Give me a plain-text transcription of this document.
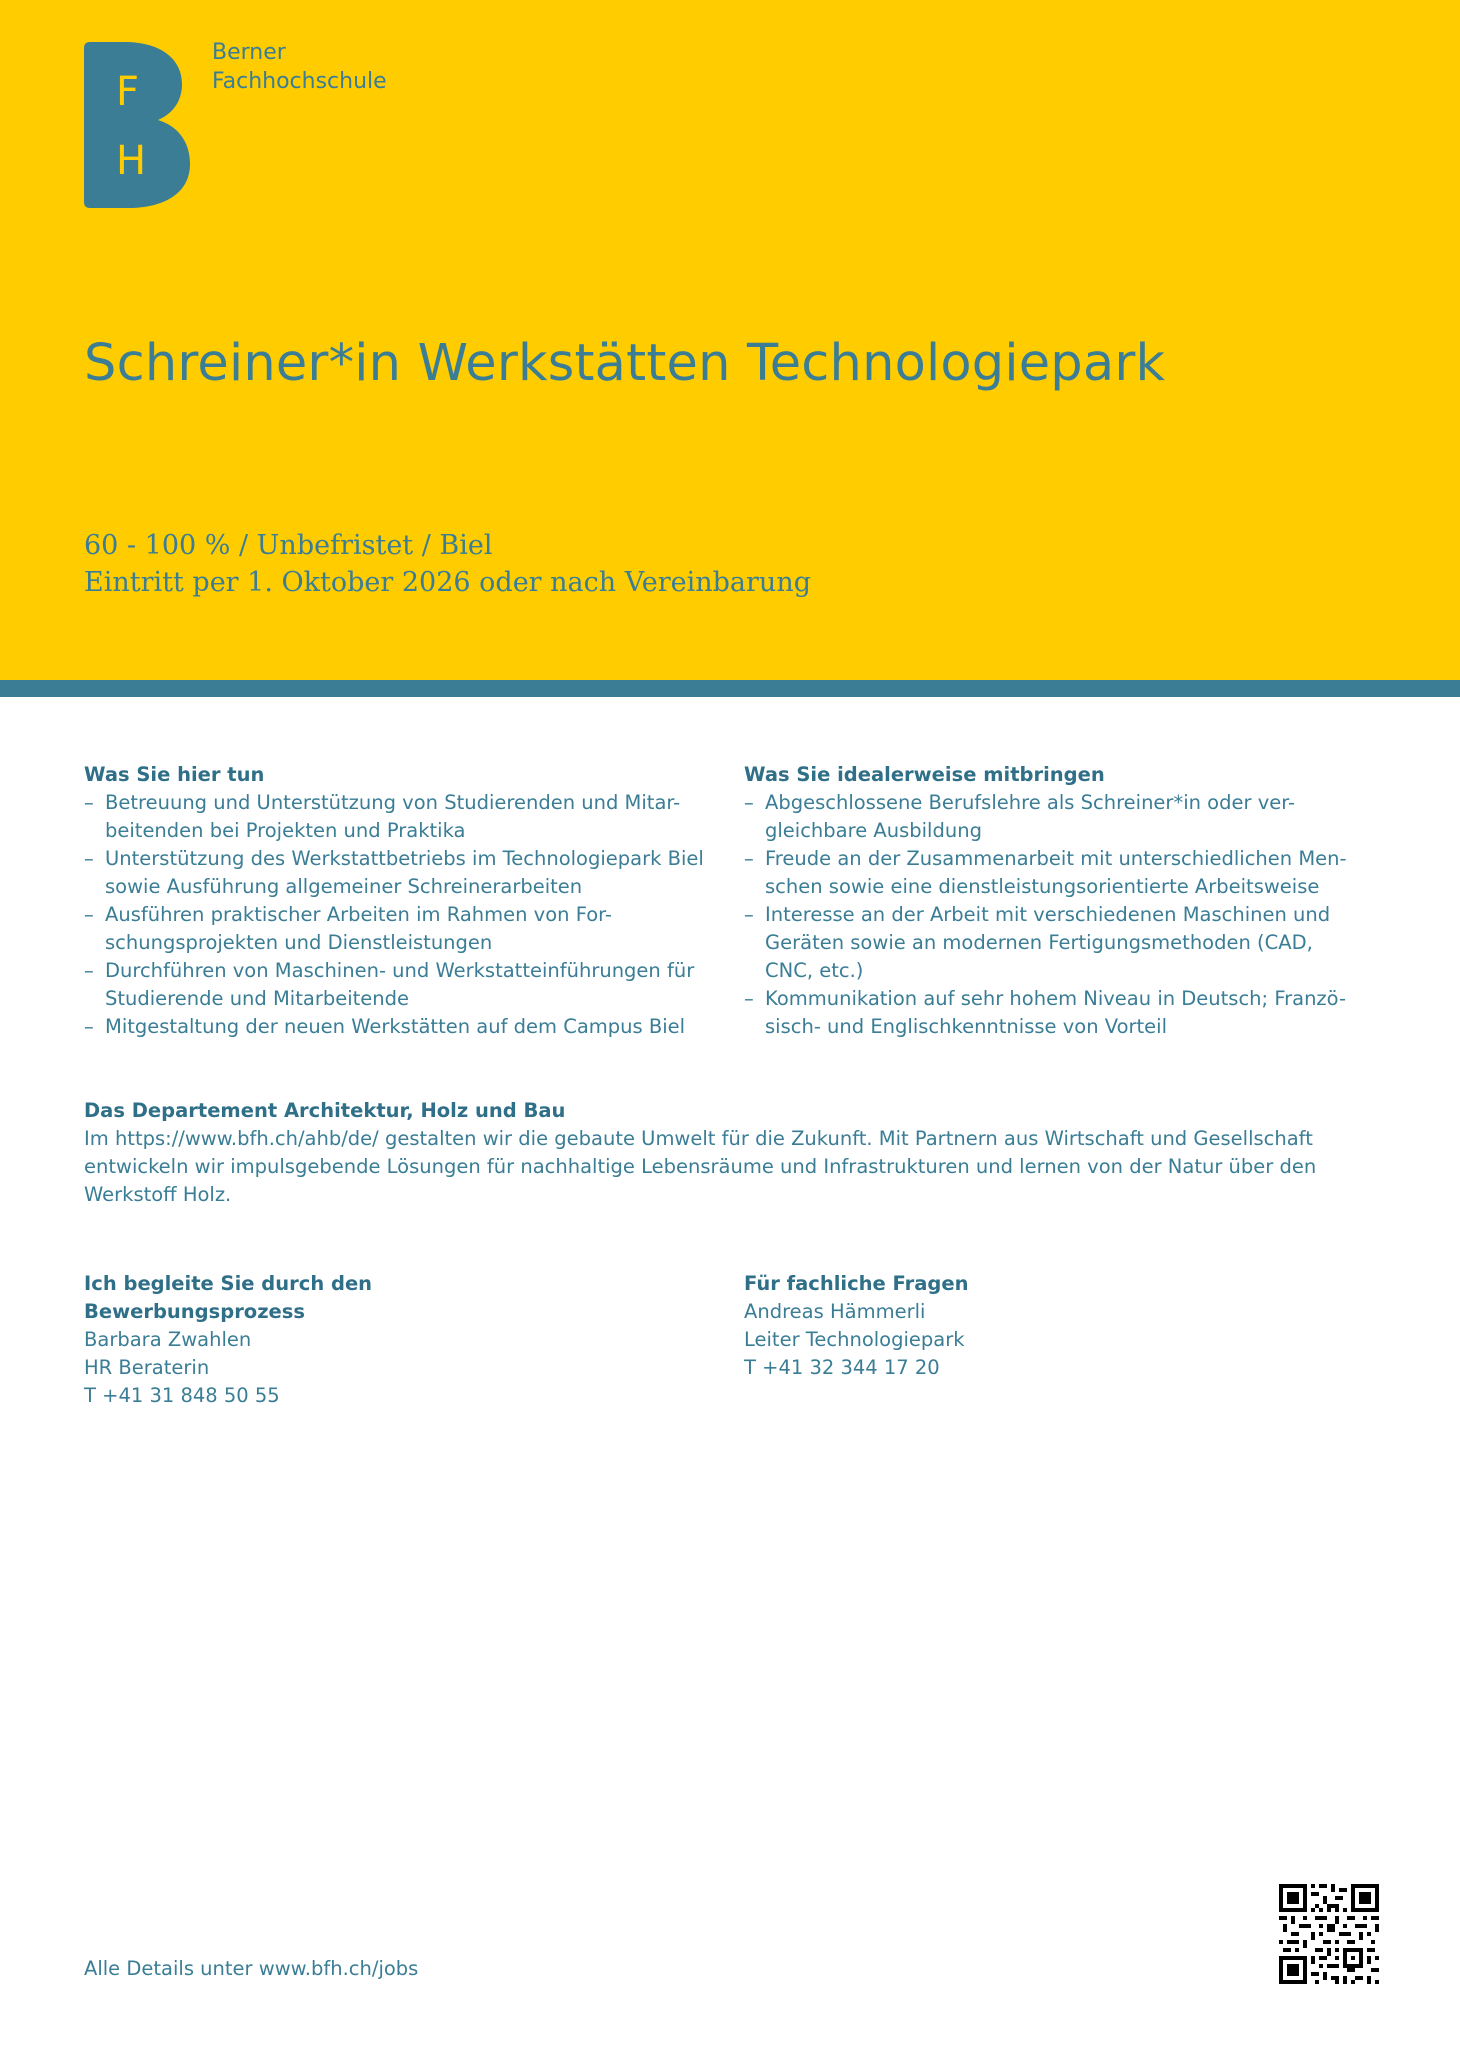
F
H

Berner
Fachhochschule

Schreiner*in Werkstätten Technologiepark

60 - 100 % / Unbefristet / Biel
Eintritt per 1. Oktober 2026 oder nach Vereinbarung

Was Sie hier tun
– Betreuung und Unterstützung von Studierenden und Mitar-beitenden bei Projekten und Praktika
– Unterstützung des Werkstattbetriebs im Technologiepark Biel sowie Ausführung allgemeiner Schreinerarbeiten
– Ausführen praktischer Arbeiten im Rahmen von For-schungsprojekten und Dienstleistungen
– Durchführen von Maschinen- und Werkstatteinführungen für Studierende und Mitarbeitende
– Mitgestaltung der neuen Werkstätten auf dem Campus Biel
Was Sie idealerweise mitbringen
– Abgeschlossene Berufslehre als Schreiner*in oder ver-gleichbare Ausbildung
– Freude an der Zusammenarbeit mit unterschiedlichen Men-schen sowie eine dienstleistungsorientierte Arbeitsweise
– Interesse an der Arbeit mit verschiedenen Maschinen und Geräten sowie an modernen Fertigungsmethoden (CAD, CNC, etc.)
– Kommunikation auf sehr hohem Niveau in Deutsch; Franzö-sisch- und Englischkenntnisse von Vorteil
Das Departement Architektur, Holz und Bau

Im https://www.bfh.ch/ahb/de/ gestalten wir die gebaute Umwelt für die Zukunft. Mit Partnern aus Wirtschaft und Gesellschaft entwickeln wir impulsgebende Lösungen für nachhaltige Lebensräume und Infrastrukturen und lernen von der Natur über den Werkstoff Holz.

Ich begleite Sie durch den
Bewerbungsprozess
Barbara Zwahlen
HR Beraterin
T +41 31 848 50 55
Für fachliche Fragen
Andreas Hämmerli
Leiter Technologiepark
T +41 32 344 17 20
Alle Details unter www.bfh.ch/jobs
